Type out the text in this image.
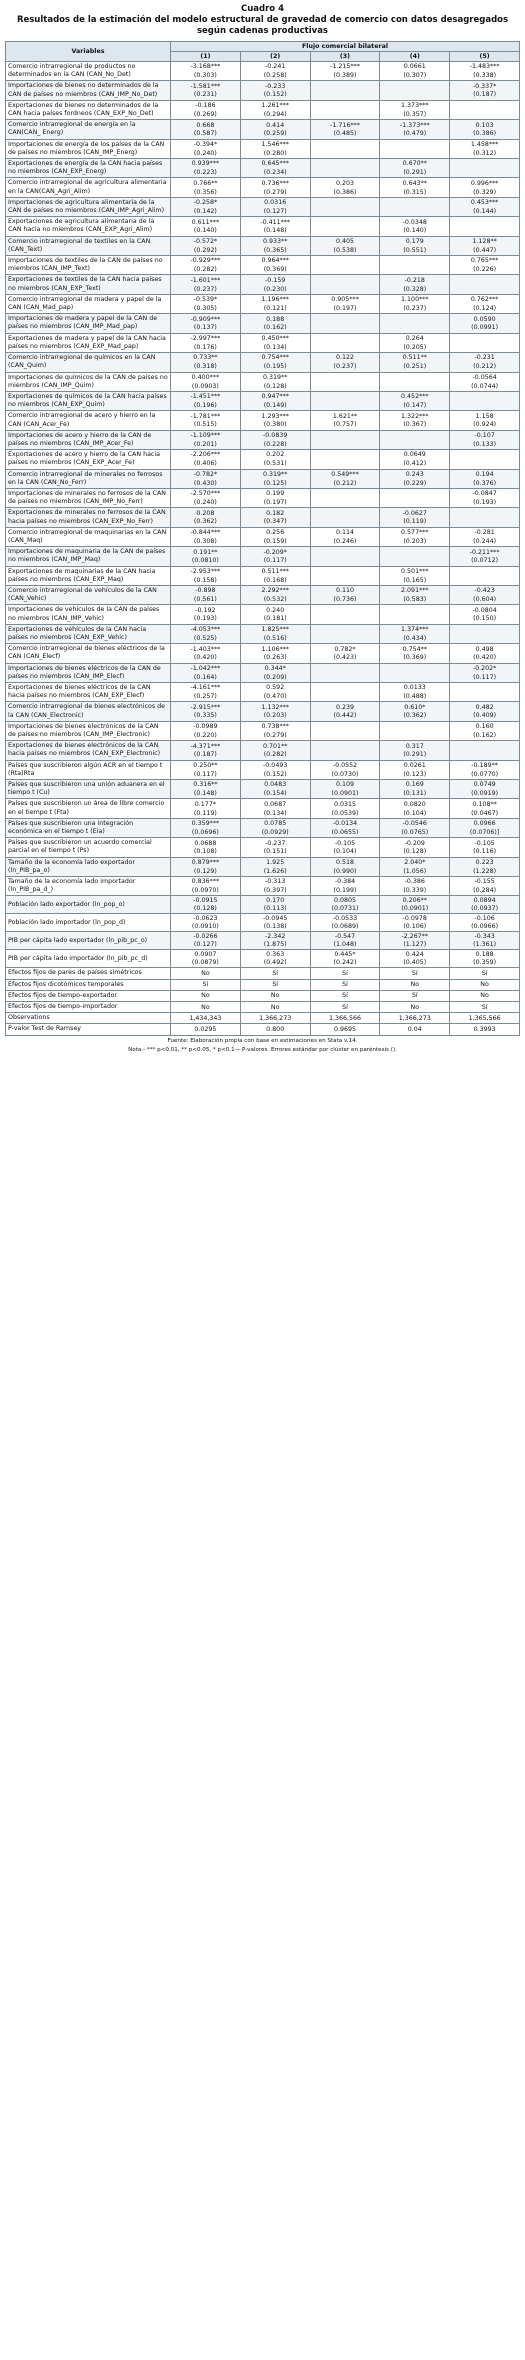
Cuadro 4
Resultados de la estimación del modelo estructural de gravedad de comercio con datos desagregados según cadenas productivas
Variables	Flujo comercial bilateral				
	(1)	(2)	(3)	(4)	(5)
Comercio intrarregional de productos no determinados en la CAN (CAN_No_Det)	-3.168***	-0.241	-1.215***	0.0661	-1.483***
	(0.303)	(0.258)	(0.389)	(0.307)	(0.338)
Importaciones de bienes no determinados de la CAN de países no miembros (CAN_IMP_No_Det)	-1.581***	-0.233			-0.337*
	(0.231)	(0.152)			(0.187)
Exportaciones de bienes no determinados de la CAN hacia países fordneos (CAN_EXP_No_Det)	-0.186	1.261***		1.373***	
	(0.269)	(0.294)		(0.357)	
Comercio intrarregional de energía en la CAN(CAN_ Energ)	0.668	0.414	-1.716***	-1.373***	0.103
	(0.587)	(0.259)	(0.485)	(0.479)	(0.386)
Importaciones de energía de los países de la CAN de países no miembros (CAN_IMP_Energ)	-0.394*	1.546***			1.458***
	(0.240)	(0.280)			(0.312)
Exportaciones de energía de la CAN hacia países no miembros (CAN_EXP_Energ)	0.939***	0.645***		0.670**	
	(0.223)	(0.234)		(0.291)	
Comercio intrarregional de agricultura alimentaria en la CAN(CAN_Agri_Alim)	0.766**	0.736***	0.203	0.643**	0.996***
	(0.356)	(0.279)	(0.386)	(0.315)	(0.329)
Importaciones de agricultura alimentaria de la CAN de países no miembros (CAN_IMP_Agri_Alim)	-0.258*	0.0316			0.453***
	(0.142)	(0.127)			(0.144)
Exportaciones de agricultura alimentaria de la CAN hacia no miembros (CAN_EXP_Agri_Alim)	0.611***	-0.411***		-0.0348	
	(0.140)	(0.148)		(0.140)	
Comercio intrarregional de textiles en la CAN (CAN_Text)	-0.572*	0.933**	0.405	0.179	1.128**
	(0.292)	(0.365)	(0.538)	(0.551)	(0.447)
Importaciones de textiles de la CAN de países no miembros (CAN_IMP_Text)	-0.929***	0.964***			0.765***
	(0.282)	(0.369)			(0.226)
Exportaciones de textiles de la CAN hacia países no miembros (CAN_EXP_Text)	-1.601***	-0.159		-0.218	
	(0.237)	(0.230)		(0.328)	
Comercio intrarregional de madera y papel de la CAN (CAN_Mad_pap)	-0.539*	1.196***	0.905***	1.100***	0.762***
	(0.305)	(0.121)	(0.197)	(0.237)	(0.124)
Importaciones de madera y papel de la CAN de países no miembros (CAN_IMP_Mad_pap)	-0.909***	0.188			0.0590
	(0.137)	(0.162)			(0.0991)
Exportaciones de madera y papel de la CAN hacia países no miembros (CAN_EXP_Mad_pap)	-2.997***	0.450***		0.264	
	(0.176)	(0.134)		(0.205)	
Comercio intrarregional de químicos en la CAN (CAN_Quim)	0.733**	0.754***	0.122	0.511**	-0.231
	(0.318)	(0.195)	(0.237)	(0.251)	(0.212)
Importaciones de químicos de la CAN de países no miembros (CAN_IMP_Quim)	0.400***	0.319**			-0.0564
	(0.0903)	(0.128)			(0.0744)
Exportaciones de químicos de la CAN hacia países no miembros (CAN_EXP_Quim)	-1.451***	0.947***		0.452***	
	(0.196)	(0.149)		(0.147)	
Comercio intrarregional de acero y hierro en la CAN (CAN_Acer_Fe)	-1.781***	1.293***	1.621**	1.322***	1.158
	(0.515)	(0.380)	(0.757)	(0.367)	(0.924)
Importaciones de acero y hierro de la CAN de países no miembros (CAN_IMP_Acer_Fe)	-1.109***	-0.0839			-0.107
	(0.201)	(0.228)			(0.133)
Exportaciones de acero y hierro de la CAN hacia países no miembros (CAN_EXP_Acer_Fe)	-2.206***	0.202		0.0649	
	(0.406)	(0.531)		(0.412)	
Comercio intrarregional de minerales no ferrosos en la CAN (CAN_No_Ferr)	-0.782*	0.319**	0.549***	0.243	0.194
	(0.430)	(0.125)	(0.212)	(0.229)	(0.376)
Importaciones de minerales no ferrosos de la CAN de países no miembros (CAN_IMP_No_Ferr)	-2.570***	0.199			-0.0847
	(0.240)	(0.197)			(0.193)
Exportaciones de minerales no ferrosos de la CAN hacia países no miembros (CAN_EXP_No_Ferr)	0.208	0.182		-0.0627	
	(0.362)	(0.347)		(0.119)	
Comercio intrarregional de maquinarias en la CAN (CAN_Maq)	-0.844***	0.256	0.114	0.577***	-0.281
	(0.308)	(0.159)	(0.246)	(0.203)	(0.244)
Importaciones de maquinaria de la CAN de países no miembros (CAN_IMP_Maq)	0.191**	-0.209*			-0.211***
	(0.0810)	(0.117)			(0.0712)
Exportaciones de maquinarias de la CAN hacia países no miembros (CAN_EXP_Maq)	-2.953***	0.511***		0.501***	
	(0.158)	(0.168)		(0.165)	
Comercio intrarregional de vehículos de la CAN (CAN_Vehic)	-0.898	2.292***	0.110	2.091***	-0.423
	(0.561)	(0.532)	(0.736)	(0.583)	(0.604)
Importaciones de vehículos de la CAN de países no miembros (CAN_IMP_Vehic)	-0.192	0.240			-0.0804
	(0.193)	(0.181)			(0.150)
Exportaciones de vehículos de la CAN hacia países no miembros (CAN_EXP_Vehic)	-4.053***	1.825***		1.374***	
	(0.525)	(0.516)		(0.434)	
Comercio intrarregional de bienes eléctricos de la CAN (CAN_Elecf)	-1.403***	1.106***	0.782*	0.754**	0.498
	(0.420)	(0.263)	(0.423)	(0.369)	(0.420)
Importaciones de bienes eléctricos de la CAN de países no miembros (CAN_IMP_Elecf)	-1.042***	0.344*			-0.202*
	(0.164)	(0.209)			(0.117)
Exportaciones de bienes eléctricos de la CAN hacia países no miembros (CAN_EXP_Elecf)	-4.161***	0.592		0.0133	
	(0.257)	(0.470)		(0.488)	
Comercio intrarregional de bienes electrónicos de la CAN (CAN_Electronic)	-2.915***	1.132***	0.239	0.610*	0.482
	(0.335)	(0.203)	(0.442)	(0.362)	(0.409)
Importaciones de bienes electrónicos de la CAN de países no miembros (CAN_IMP_Electronic)	-0.0989	0.738***			0.160
	(0.220)	(0.279)			(0.162)
Exportaciones de bienes electrónicos de la CAN hacia países no miembros (CAN_EXP_Electronic)	-4.371***	0.701**		0.317	
	(0.187)	(0.282)		(0.291)	
Países que suscribieron algún ACR en el tiempo t (Rta)Rta	0.250**	-0.0493	-0.0552	0.0261	-0.189**
	(0.117)	(0.152)	(0.0730)	(0.123)	(0.0770)
Países que suscribieron una unión aduanera en el tiempo t (Cu)	0.316**	0.0483	0.109	0.169	0.0749
	(0.148)	(0.154)	(0.0901)	(0.131)	(0.0919)
Países que suscribieron un área de libre comercio en el tiempo t (Fta)	0.177*	0.0687	0.0315	0.0820	0.108**
	(0.119)	(0.134)	(0.0539)	(0.104)	(0.0467)
Países que suscribieron una integración económica en el tiempo t (Eia)	0.359***	0.0785	-0.0134	-0.0546	0.0966
	(0.0696)	(0.0929)	(0.0655)	(0.0765)	(0.0706)]
Países que suscribieron un acuerdo comercial parcial en el tiempo t (Ps)	0.0688	-0.237	-0.105	-0.209	-0.105
	(0.108)	(0.151)	(0.104)	(0.128)	(0.116)
Tamaño de la economía lado exportador (ln_PIB_pa_o)	0.879***	1.925	0.518	2.040*	0.223
	(0.129)	(1.626)	(0.990)	(1.056)	(1.228)
Tamaño de la economía lado importador (ln_PIB_pa_d_)	0.836***	-0.313	-0.384	-0.386	-0.155
	(0.0970)	(0.397)	(0.199)	(0.339)	(0.284)
Población lado exportador (ln_pop_o)	-0.0915	0.170	0.0805	0.206**	0.0894
	(0.128)	(0.113)	(0.0731)	(0.0901)	(0.0937)
Población lado importador (ln_pop_d)	-0.0623	-0.0945	-0.0533	-0.0978	-0.106
	(0.0910)	(0.138)	(0.0689)	(0.106)	(0.0966)
PIB per cápita lado exportador (ln_pib_pc_o)	-0.0266	-2.342	-0.547	-2.267**	-0.343
	(0.127)	(1.875)	(1.048)	(1.127)	(1.361)
PIB per cápita lado importador (ln_pib_pc_d)	0.0907	0.363	0.445*	0.424	0.188
	(0.0879)	(0.492)	(0.242)	(0.405)	(0.359)
Efectos fijos de pares de países simétricos	No	Sí	Sí	Sí	Sí
Efectos fijos dicotómicos temporales	Sí	Sí	Sí	No	No
Efectos fijos de tiempo-exportador	No	No	Sí	Sí	No
Efectos fijos de tiempo-importador	No	No	Sí	No	Sí
Observations	1,434,343	1,366,273	1,366,566	1,366,273	1,365,566
P-valor Test de Ramsey	0.0295	0.800	0.9695	0.04	0.3993
Fuente: Elaboración propia con base en estimaciones en Stata v.14.
Nota.- *** p<0.01, ** p<0.05, * p<0.1— P-valores. Errores estándar por clúster en paréntesis ().
